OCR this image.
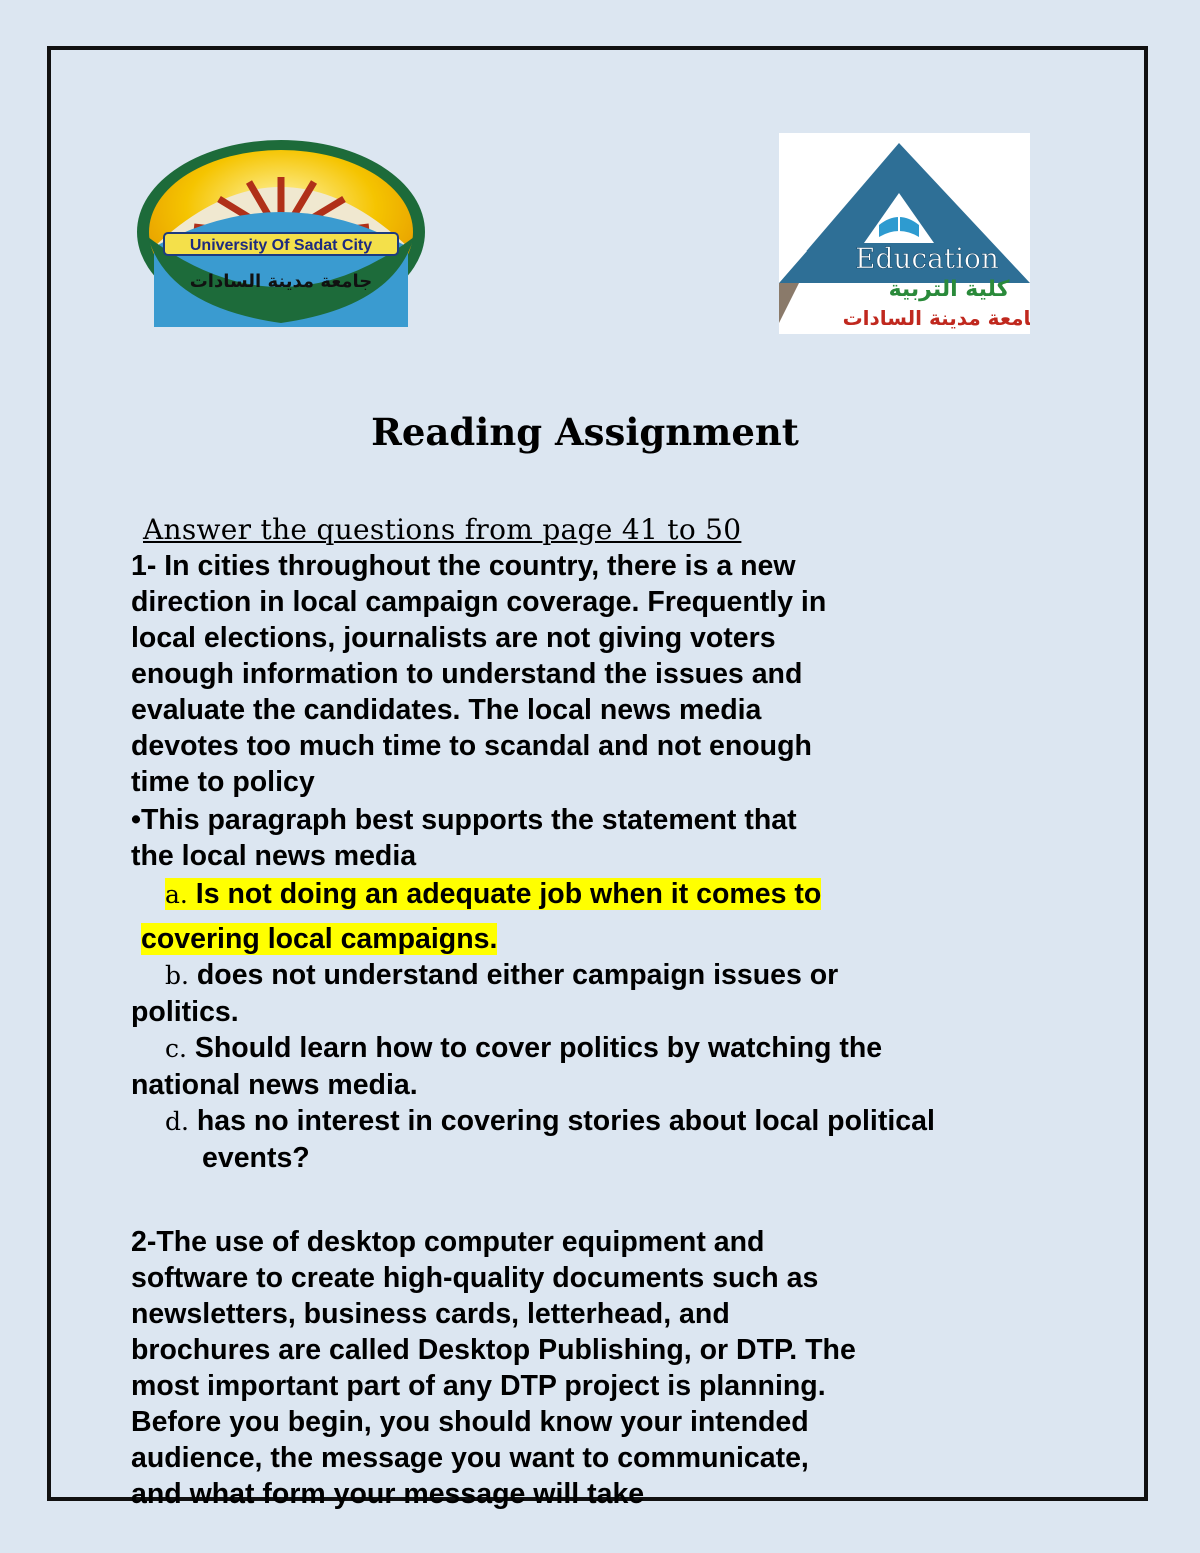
University Of Sadat City
جامعة مدينة السادات
Education
كلية التربية
جامعة مدينة السادات
Reading Assignment
Answer the questions from page 41 to 50

1- In cities throughout the country, there is a new

direction in local campaign coverage. Frequently in

local elections, journalists are not giving voters

enough information to understand the issues and

evaluate the candidates. The local news media

devotes too much time to scandal and not enough

time to policy

•This paragraph best supports the statement that

the local news media

a. Is not doing an adequate job when it comes to

covering local campaigns.

b. does not understand either campaign issues or

politics.

c. Should learn how to cover politics by watching the

national news media.

d. has no interest in covering stories about local political

events?

2-The use of desktop computer equipment and

software to create high-quality documents such as

newsletters, business cards, letterhead, and

brochures are called Desktop Publishing, or DTP. The

most important part of any DTP project is planning.

Before you begin, you should know your intended

audience, the message you want to communicate,

and what form your message will take
